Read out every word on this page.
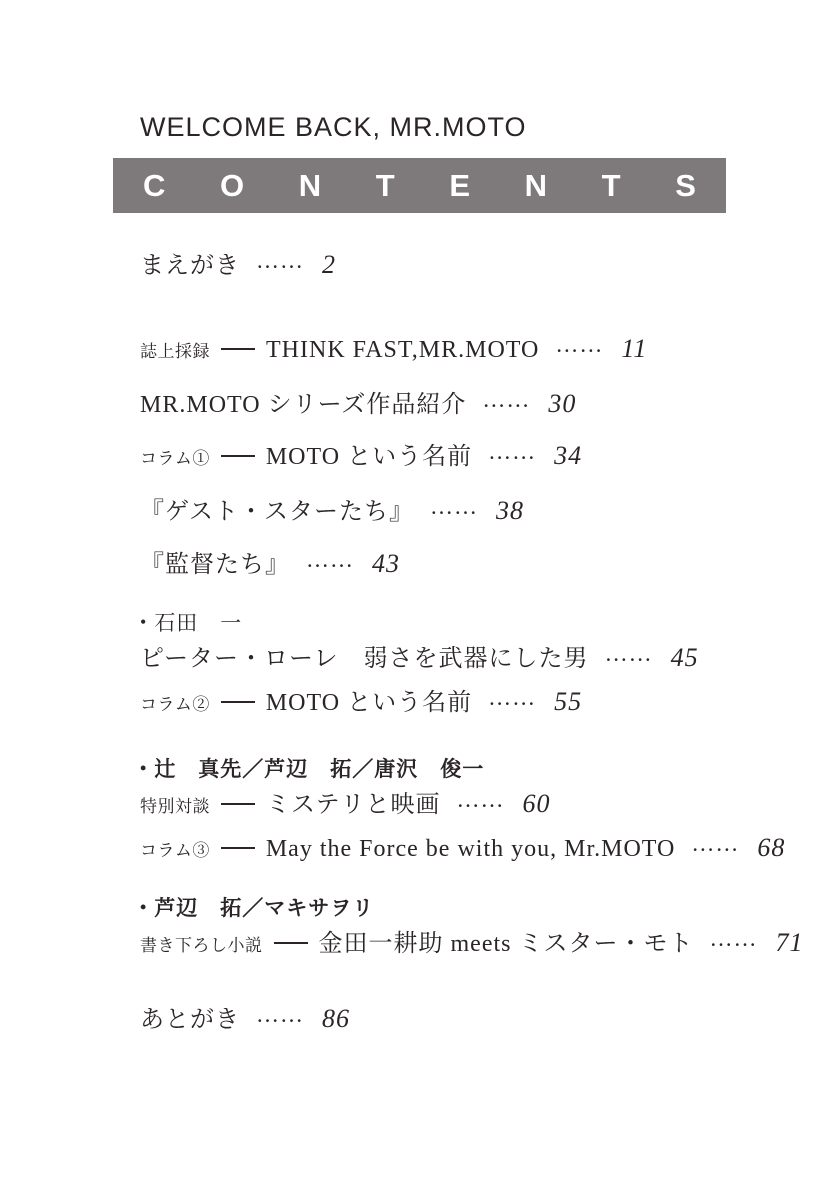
WELCOME BACK, MR.MOTO
C O N T E N T S
まえがき …… 2
誌上採録 THINK FAST,MR.MOTO …… 11
MR.MOTO シリーズ作品紹介 …… 30
コラム① MOTO という名前 …… 34
『ゲスト・スターたち』 …… 38
『監督たち』 …… 43
• 石田　一
ピーター・ローレ　弱さを武器にした男 …… 45
コラム② MOTO という名前 …… 55
• 辻　真先／芦辺　拓／唐沢　俊一
特別対談 ミステリと映画 …… 60
コラム③ May the Force be with you, Mr.MOTO …… 68
• 芦辺　拓／マキサヲリ
書き下ろし小説 金田一耕助 meets ミスター・モト …… 71
あとがき …… 86
